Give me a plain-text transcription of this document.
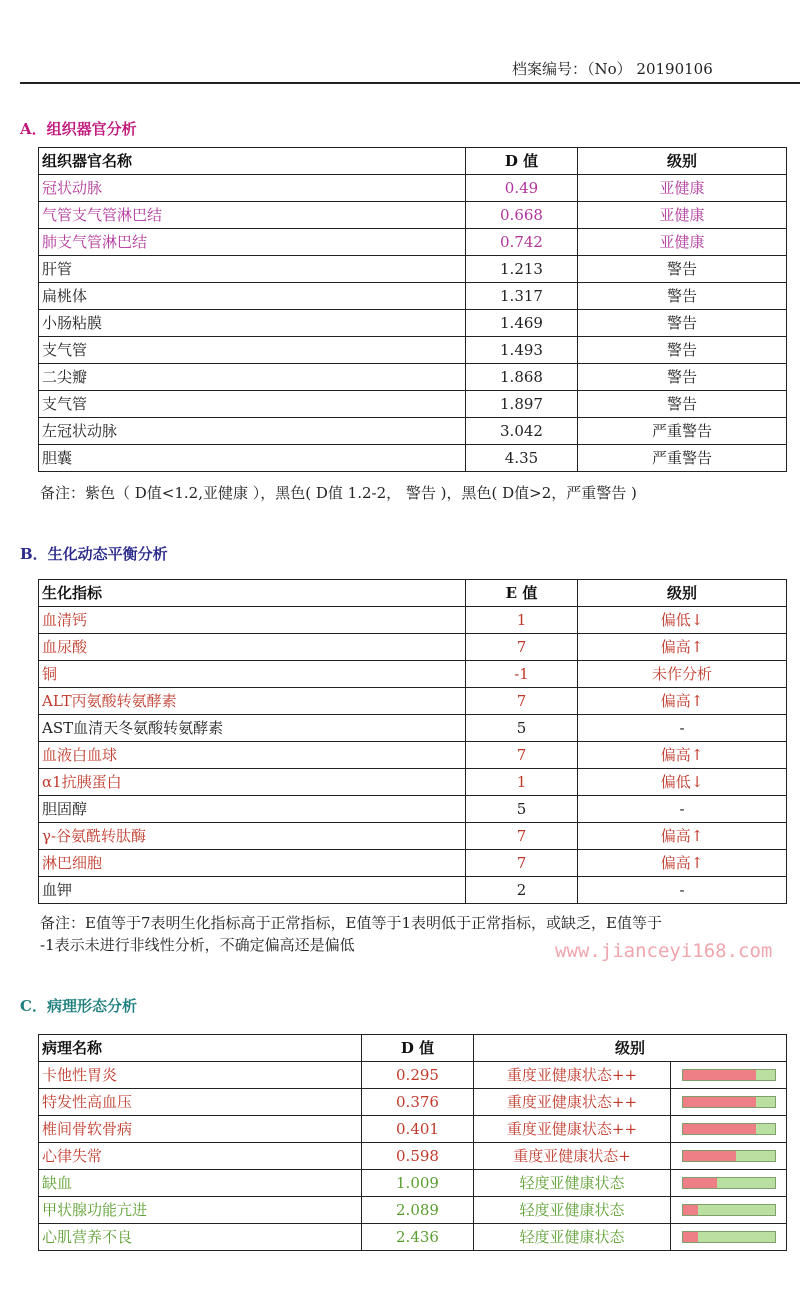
档案编号：（No） 20190106
A．组织器官分析
组织器官名称	D 值	级别
冠状动脉	0.49	亚健康
气管支气管淋巴结	0.668	亚健康
肺支气管淋巴结	0.742	亚健康
肝管	1.213	警告
扁桃体	1.317	警告
小肠粘膜	1.469	警告
支气管	1.493	警告
二尖瓣	1.868	警告
支气管	1.897	警告
左冠状动脉	3.042	严重警告
胆囊	4.35	严重警告
备注：紫色（ D值<1.2,亚健康 ），黑色( D值 1.2-2， 警告 )，黑色( D值>2，严重警告 )
B．生化动态平衡分析
生化指标	E 值	级别
血清钙	1	偏低↓
血尿酸	7	偏高↑
铜	-1	未作分析
ALT丙氨酸转氨酵素	7	偏高↑
AST血清天冬氨酸转氨酵素	5	-
血液白血球	7	偏高↑
α1抗胰蛋白	1	偏低↓
胆固醇	5	-
γ-谷氨酰转肽酶	7	偏高↑
淋巴细胞	7	偏高↑
血钾	2	-
备注：E值等于7表明生化指标高于正常指标，E值等于1表明低于正常指标，或缺乏，E值等于
-1表示未进行非线性分析，不确定偏高还是偏低	www.jianceyi168.com
C．病理形态分析
病理名称	D 值	级别	
卡他性胃炎	0.295	重度亚健康状态++	

特发性高血压	0.376	重度亚健康状态++	

椎间骨软骨病	0.401	重度亚健康状态++	

心律失常	0.598	重度亚健康状态+	

缺血	1.009	轻度亚健康状态	

甲状腺功能亢进	2.089	轻度亚健康状态	

心肌营养不良	2.436	轻度亚健康状态	
